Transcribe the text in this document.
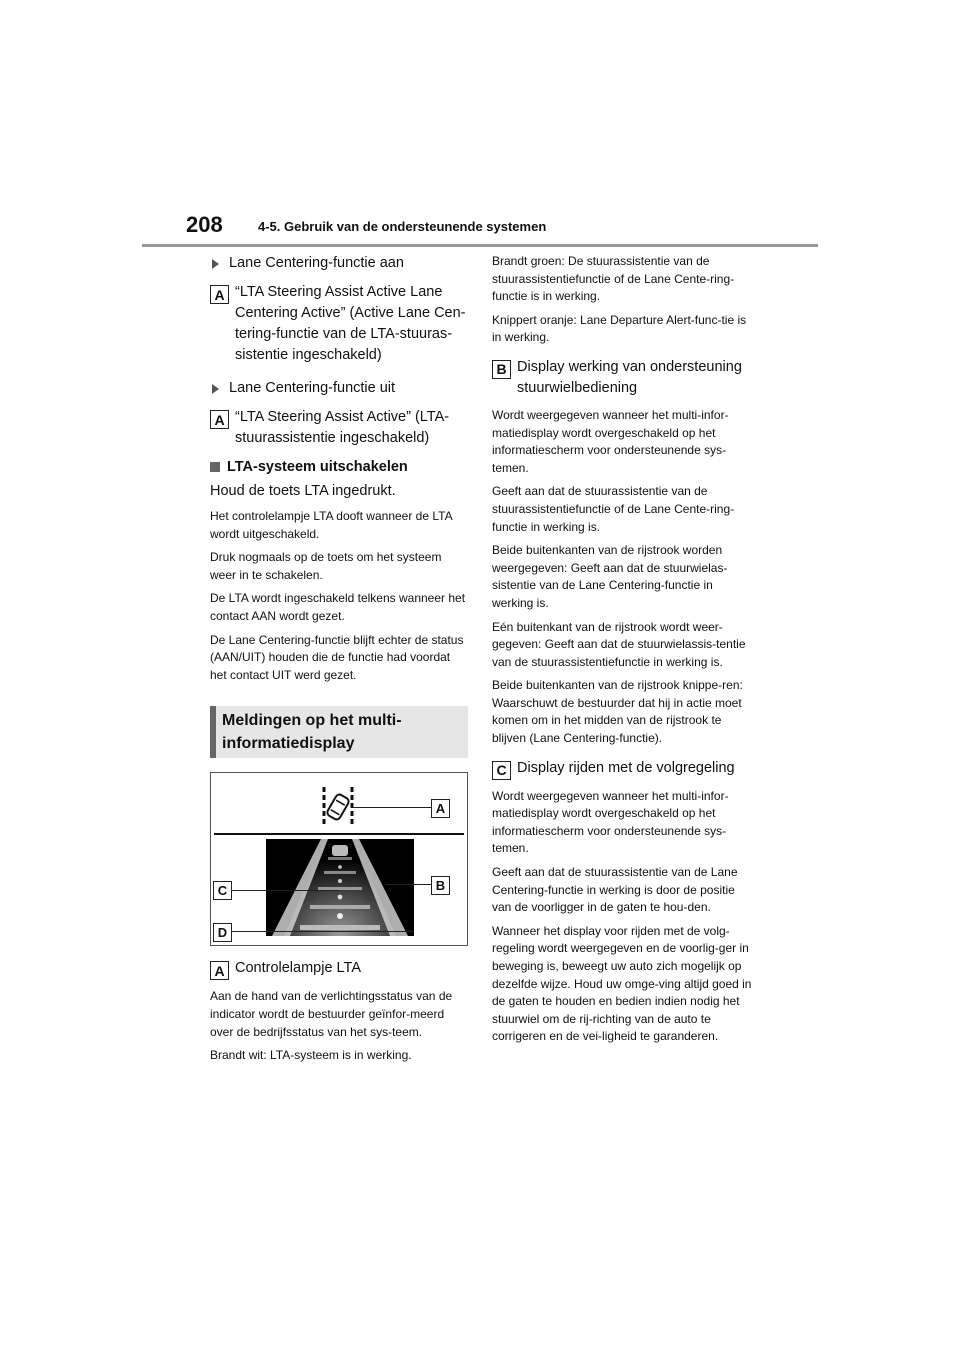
208	4-5. Gebruik van de ondersteunende systemen
Lane Centering-functie aan
A “LTA Steering Assist Active Lane Centering Active” (Active Lane Cen-tering-functie van de LTA-stuuras-sistentie ingeschakeld)
Lane Centering-functie uit
A “LTA Steering Assist Active” (LTA-stuurassistentie ingeschakeld)
LTA-systeem uitschakelen

Houd de toets LTA ingedrukt.

Het controlelampje LTA dooft wanneer de LTA wordt uitgeschakeld.

Druk nogmaals op de toets om het systeem weer in te schakelen.

De LTA wordt ingeschakeld telkens wanneer het contact AAN wordt gezet.

De Lane Centering-functie blijft echter de status (AAN/UIT) houden die de functie had voordat het contact UIT werd gezet.

Meldingen op het multi-
informatiedisplay
A
C	B
D
A Controlelampje LTA

Aan de hand van de verlichtingsstatus van de indicator wordt de bestuurder geïnfor-meerd over de bedrijfsstatus van het sys-teem.

Brandt wit: LTA-systeem is in werking.

Brandt groen: De stuurassistentie van de stuurassistentiefunctie of de Lane Cente-ring-functie is in werking.

Knippert oranje: Lane Departure Alert-func-tie is in werking.

B Display werking van ondersteuning stuurwielbediening

Wordt weergegeven wanneer het multi-infor-matiedisplay wordt overgeschakeld op het informatiescherm voor ondersteunende sys-temen.

Geeft aan dat de stuurassistentie van de stuurassistentiefunctie of de Lane Cente-ring-functie in werking is.

Beide buitenkanten van de rijstrook worden weergegeven: Geeft aan dat de stuurwielas-sistentie van de Lane Centering-functie in werking is.

Eén buitenkant van de rijstrook wordt weer-gegeven: Geeft aan dat de stuurwielassis-tentie van de stuurassistentiefunctie in werking is.

Beide buitenkanten van de rijstrook knippe-ren: Waarschuwt de bestuurder dat hij in actie moet komen om in het midden van de rijstrook te blijven (Lane Centering-functie).

C Display rijden met de volgregeling

Wordt weergegeven wanneer het multi-infor-matiedisplay wordt overgeschakeld op het informatiescherm voor ondersteunende sys-temen.

Geeft aan dat de stuurassistentie van de Lane Centering-functie in werking is door de positie van de voorligger in de gaten te hou-den.

Wanneer het display voor rijden met de volg-regeling wordt weergegeven en de voorlig-ger in beweging is, beweegt uw auto zich mogelijk op dezelfde wijze. Houd uw omge-ving altijd goed in de gaten te houden en bedien indien nodig het stuurwiel om de rij-richting van de auto te corrigeren en de vei-ligheid te garanderen.
